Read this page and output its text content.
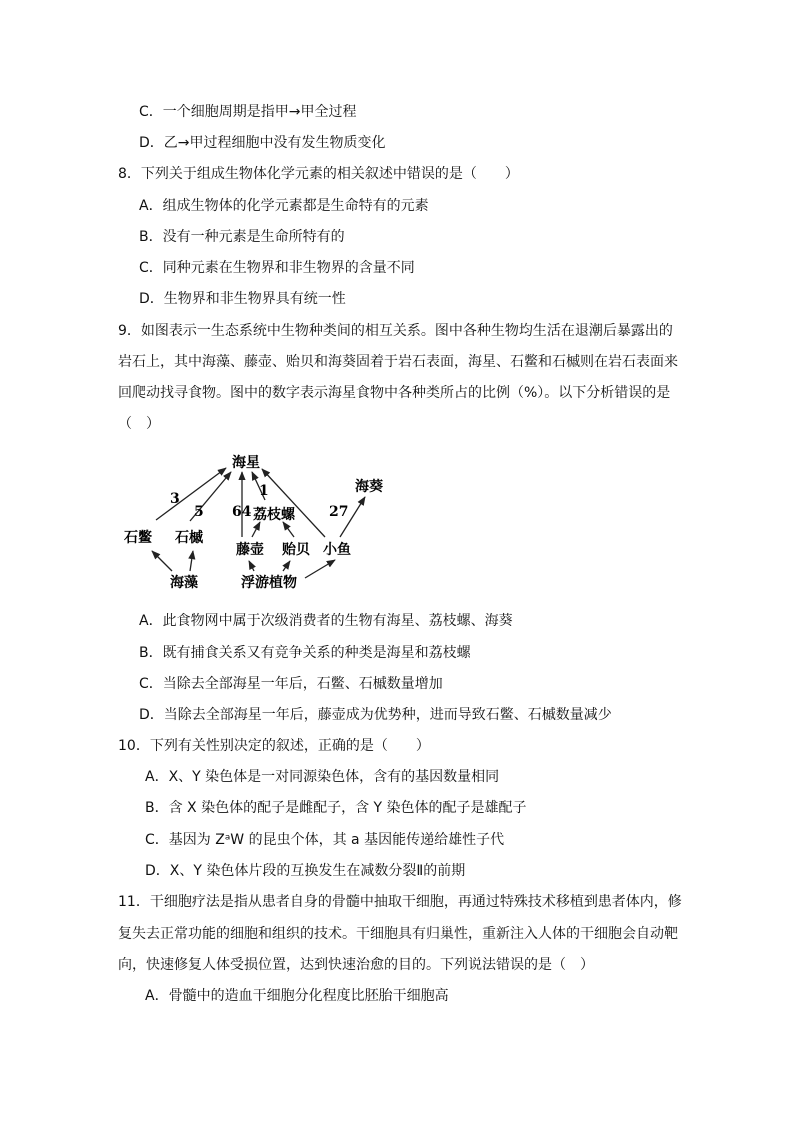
C．一个细胞周期是指甲→甲全过程
D．乙→甲过程细胞中没有发生物质变化
8．下列关于组成生物体化学元素的相关叙述中错误的是（　　）
A．组成生物体的化学元素都是生命特有的元素
B．没有一种元素是生命所特有的
C．同种元素在生物界和非生物界的含量不同
D．生物界和非生物界具有统一性
9．如图表示一生态系统中生物种类间的相互关系。图中各种生物均生活在退潮后暴露出的
岩石上，其中海藻、藤壶、贻贝和海葵固着于岩石表面，海星、石鳖和石槭则在岩石表面来
回爬动找寻食物。图中的数字表示海星食物中各种类所占的比例（%）。以下分析错误的是
（　）
海星
海葵
荔枝螺
石鳖 石槭
藤壶 贻贝 小鱼
海藻	浮游植物
3
5 64
1
27
A．此食物网中属于次级消费者的生物有海星、荔枝螺、海葵
B．既有捕食关系又有竞争关系的种类是海星和荔枝螺
C．当除去全部海星一年后，石鳖、石槭数量增加
D．当除去全部海星一年后，藤壶成为优势种，进而导致石鳖、石槭数量减少
10．下列有关性别决定的叙述，正确的是（　　）
A．X、Y 染色体是一对同源染色体，含有的基因数量相同
B．含 X 染色体的配子是雌配子，含 Y 染色体的配子是雄配子
C．基因为 ZᵃW 的昆虫个体，其 a 基因能传递给雄性子代
D．X、Y 染色体片段的互换发生在减数分裂Ⅱ的前期
11．干细胞疗法是指从患者自身的骨髓中抽取干细胞，再通过特殊技术移植到患者体内，修
复失去正常功能的细胞和组织的技术。干细胞具有归巢性，重新注入人体的干细胞会自动靶
向，快速修复人体受损位置，达到快速治愈的目的。下列说法错误的是（　）
A．骨髓中的造血干细胞分化程度比胚胎干细胞高
